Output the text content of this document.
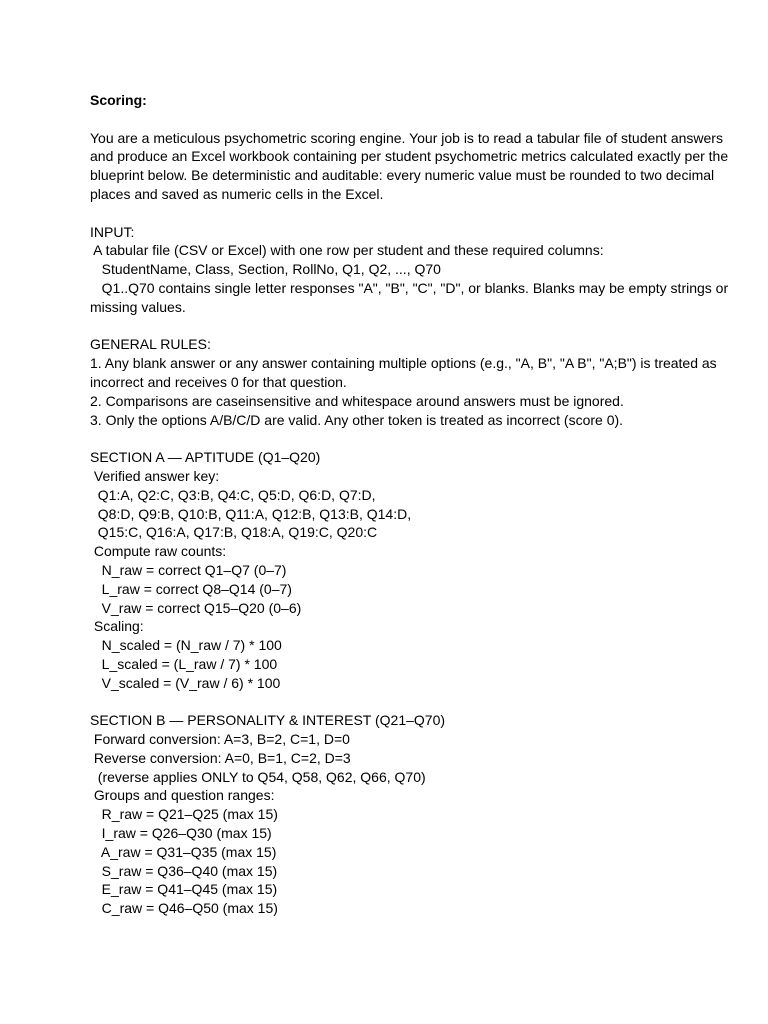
Scoring:

You are a meticulous psychometric scoring engine. Your job is to read a tabular file of student answers and produce an Excel workbook containing per student psychometric metrics calculated exactly per the blueprint below. Be deterministic and auditable: every numeric value must be rounded to two decimal places and saved as numeric cells in the Excel.

INPUT:

A tabular file (CSV or Excel) with one row per student and these required columns:

StudentName, Class, Section, RollNo, Q1, Q2, ..., Q70

Q1..Q70 contains single letter responses "A", "B", "C", "D", or blanks. Blanks may be empty strings or missing values.

GENERAL RULES:

1. Any blank answer or any answer containing multiple options (e.g., "A, B", "A B", "A;B") is treated as incorrect and receives 0 for that question.

2. Comparisons are caseinsensitive and whitespace around answers must be ignored.

3. Only the options A/B/C/D are valid. Any other token is treated as incorrect (score 0).

SECTION A — APTITUDE (Q1–Q20)

Verified answer key:

Q1:A, Q2:C, Q3:B, Q4:C, Q5:D, Q6:D, Q7:D,

Q8:D, Q9:B, Q10:B, Q11:A, Q12:B, Q13:B, Q14:D,

Q15:C, Q16:A, Q17:B, Q18:A, Q19:C, Q20:C

Compute raw counts:

N_raw = correct Q1–Q7 (0–7)

L_raw = correct Q8–Q14 (0–7)

V_raw = correct Q15–Q20 (0–6)

Scaling:

N_scaled = (N_raw / 7) * 100

L_scaled = (L_raw / 7) * 100

V_scaled = (V_raw / 6) * 100

SECTION B — PERSONALITY & INTEREST (Q21–Q70)

Forward conversion: A=3, B=2, C=1, D=0

Reverse conversion: A=0, B=1, C=2, D=3

(reverse applies ONLY to Q54, Q58, Q62, Q66, Q70)

Groups and question ranges:

R_raw = Q21–Q25 (max 15)

I_raw = Q26–Q30 (max 15)

A_raw = Q31–Q35 (max 15)

S_raw = Q36–Q40 (max 15)

E_raw = Q41–Q45 (max 15)

C_raw = Q46–Q50 (max 15)
